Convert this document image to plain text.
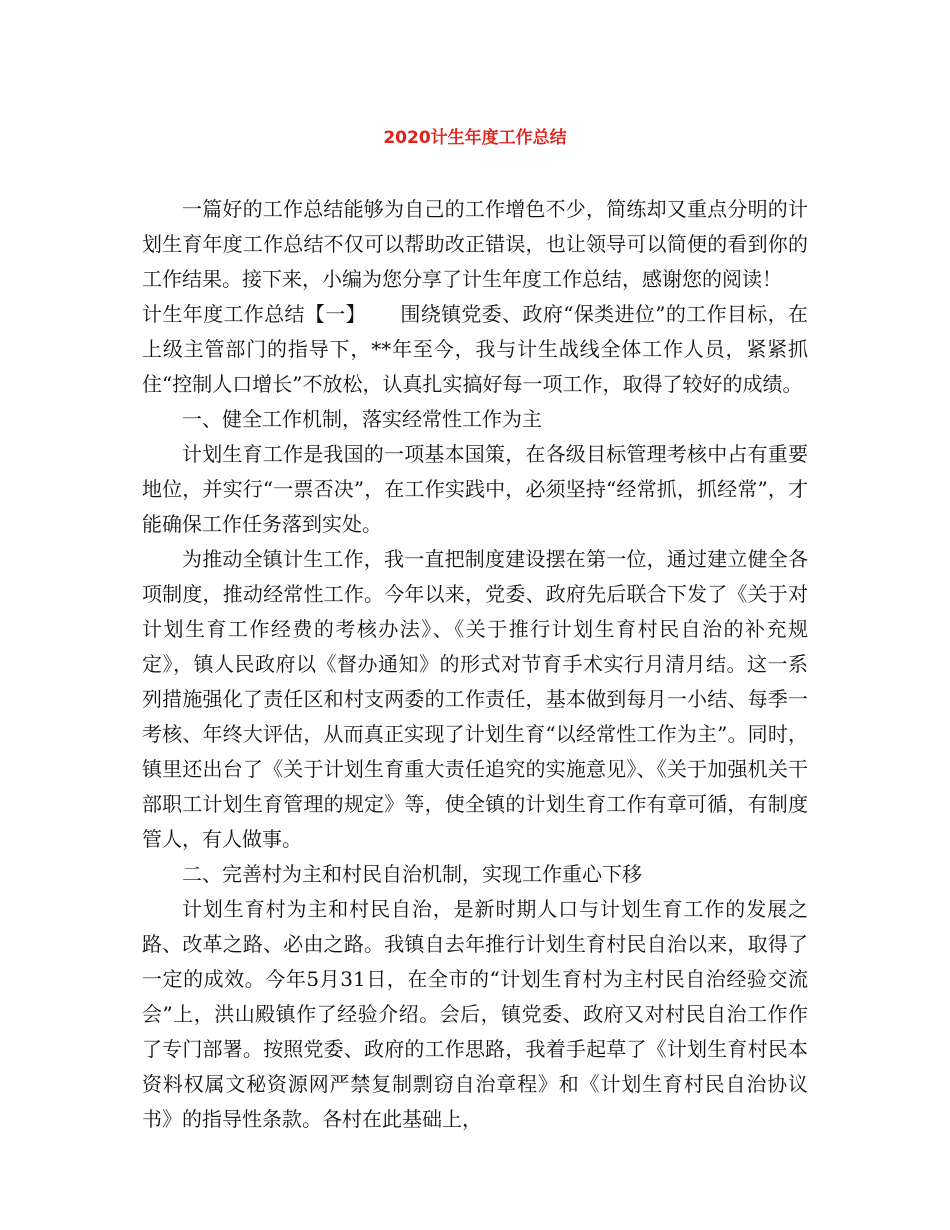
2020计生年度工作总结

一篇好的工作总结能够为自己的工作增色不少，简练却又重点分明的计划生育年度工作总结不仅可以帮助改正错误，也让领导可以简便的看到你的工作结果。接下来，小编为您分享了计生年度工作总结，感谢您的阅读！

计生年度工作总结【一】 围绕镇党委、政府“保类进位”的工作目标，在上级主管部门的指导下，**年至今，我与计生战线全体工作人员，紧紧抓住“控制人口增长”不放松，认真扎实搞好每一项工作，取得了较好的成绩。

一、健全工作机制，落实经常性工作为主

计划生育工作是我国的一项基本国策，在各级目标管理考核中占有重要地位，并实行“一票否决”，在工作实践中，必须坚持“经常抓，抓经常”，才能确保工作任务落到实处。

为推动全镇计生工作，我一直把制度建设摆在第一位，通过建立健全各项制度，推动经常性工作。今年以来，党委、政府先后联合下发了《关于对计划生育工作经费的考核办法》、《关于推行计划生育村民自治的补充规定》，镇人民政府以《督办通知》的形式对节育手术实行月清月结。这一系列措施强化了责任区和村支两委的工作责任，基本做到每月一小结、每季一考核、年终大评估，从而真正实现了计划生育“以经常性工作为主”。同时，镇里还出台了《关于计划生育重大责任追究的实施意见》、《关于加强机关干部职工计划生育管理的规定》等，使全镇的计划生育工作有章可循，有制度管人，有人做事。

二、完善村为主和村民自治机制，实现工作重心下移

计划生育村为主和村民自治，是新时期人口与计划生育工作的发展之路、改革之路、必由之路。我镇自去年推行计划生育村民自治以来，取得了一定的成效。今年5月31日，在全市的“计划生育村为主村民自治经验交流会”上，洪山殿镇作了经验介绍。会后，镇党委、政府又对村民自治工作作了专门部署。按照党委、政府的工作思路，我着手起草了《计划生育村民本资料权属文秘资源网严禁复制剽窃自治章程》和《计划生育村民自治协议书》的指导性条款。各村在此基础上，
